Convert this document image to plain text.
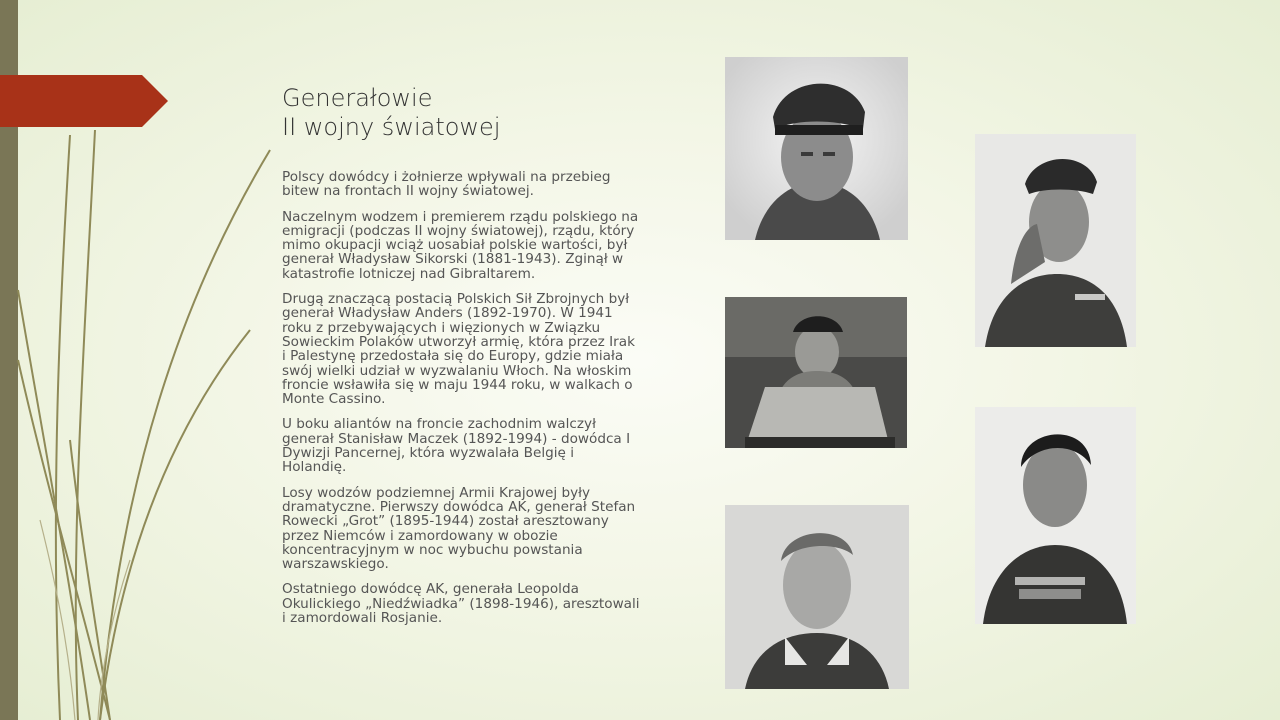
Generałowie
II wojny światowej

Polscy dowódcy i żołnierze wpływali na przebieg bitew na frontach II wojny światowej.

Naczelnym wodzem i premierem rządu polskiego na emigracji (podczas II wojny światowej), rządu, który mimo okupacji wciąż uosabiał polskie wartości, był generał Władysław Sikorski (1881-1943). Zginął w katastrofie lotniczej nad Gibraltarem.

Drugą znaczącą postacią Polskich Sił Zbrojnych był generał Władysław Anders (1892-1970). W 1941 roku z przebywających i więzionych w Związku Sowieckim Polaków utworzył armię, która przez Irak i Palestynę przedostała się do Europy, gdzie miała swój wielki udział w wyzwalaniu Włoch. Na włoskim froncie wsławiła się w maju 1944 roku, w walkach o Monte Cassino.

U boku aliantów na froncie zachodnim walczył generał Stanisław Maczek (1892-1994) - dowódca I Dywizji Pancernej, która wyzwalała Belgię i Holandię.

Losy wodzów podziemnej Armii Krajowej były dramatyczne. Pierwszy dowódca AK, generał Stefan Rowecki „Grot” (1895-1944) został aresztowany przez Niemców i zamordowany w obozie koncentracyjnym w noc wybuchu powstania warszawskiego.

Ostatniego dowódcę AK, generała Leopolda Okulickiego „Niedźwiadka” (1898-1946), aresztowali i zamordowali Rosjanie.
